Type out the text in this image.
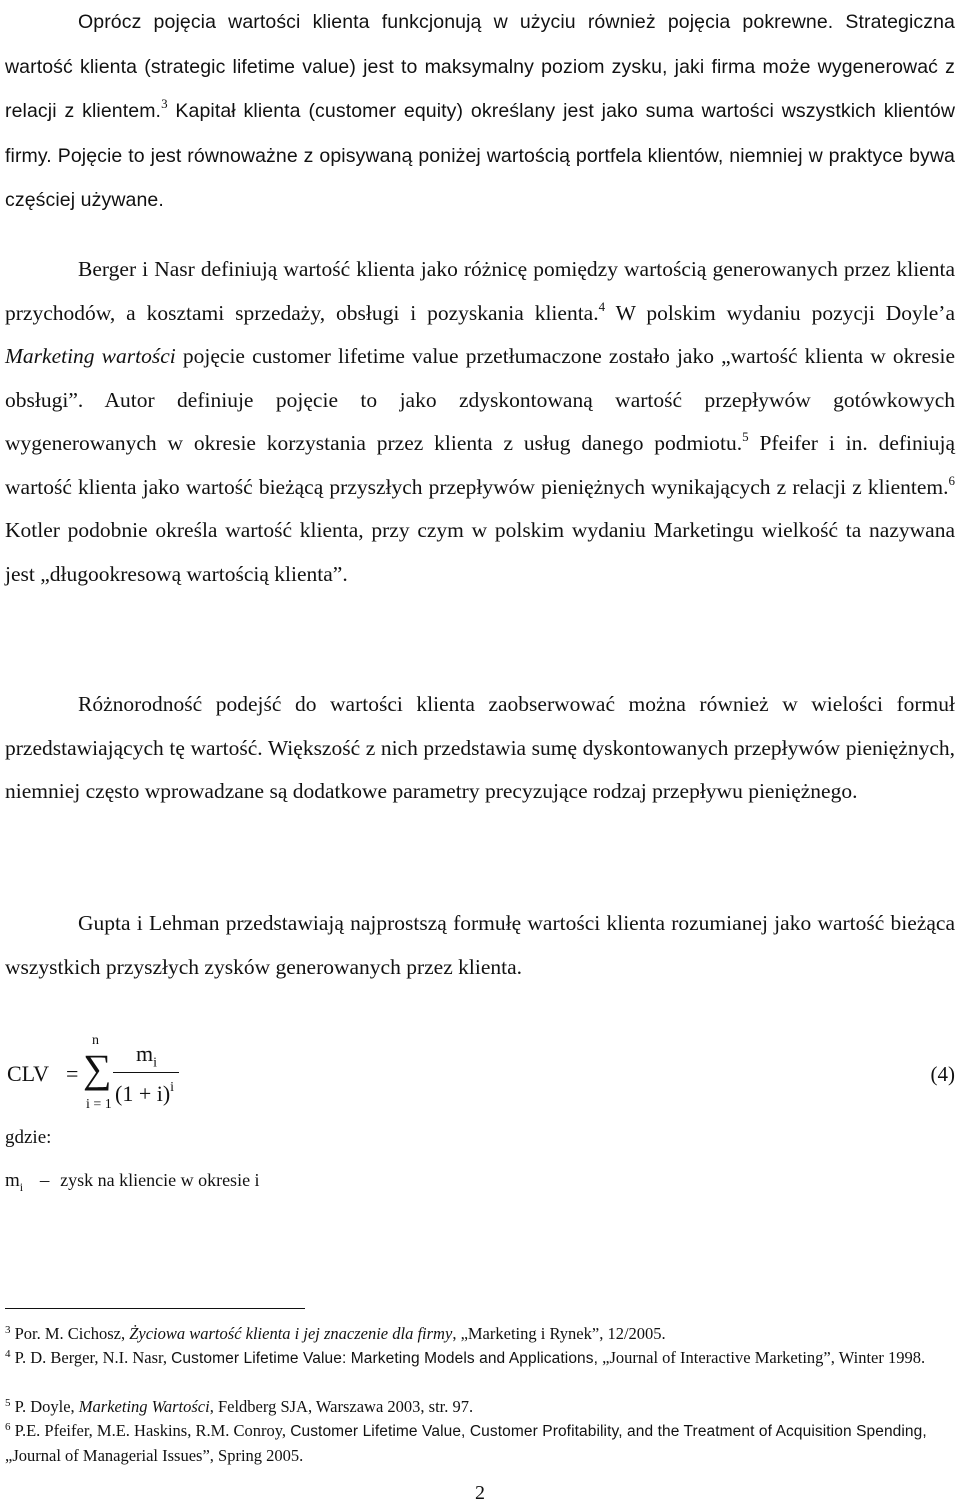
Oprócz pojęcia wartości klienta funkcjonują w użyciu również pojęcia pokrewne. Strategiczna wartość klienta (strategic lifetime value) jest to maksymalny poziom zysku, jaki firma może wygenerować z relacji z klientem.$^3$ Kapitał klienta (customer equity) określany jest jako suma wartości wszystkich klientów firmy. Pojęcie to jest równoważne z opisywaną poniżej wartością portfela klientów, niemniej w praktyce bywa częściej używane.

Berger i Nasr definiują wartość klienta jako różnicę pomiędzy wartością generowanych przez klienta przychodów, a kosztami sprzedaży, obsługi i pozyskania klienta.$^4$ W polskim wydaniu pozycji Doyle’a Marketing wartości pojęcie customer lifetime value przetłumaczone zostało jako „wartość klienta w okresie obsługi”. Autor definiuje pojęcie to jako zdyskontowaną wartość przepływów gotówkowych wygenerowanych w okresie korzystania przez klienta z usług danego podmiotu.$^5$ Pfeifer i in. definiują wartość klienta jako wartość bieżącą przyszłych przepływów pieniężnych wynikających z relacji z klientem.$^6$ Kotler podobnie określa wartość klienta, przy czym w polskim wydaniu Marketingu wielkość ta nazywana jest „długookresową wartością klienta”.

Różnorodność podejść do wartości klienta zaobserwować można również w wielości formuł przedstawiających tę wartość. Większość z nich przedstawia sumę dyskontowanych przepływów pieniężnych, niemniej często wprowadzane są dodatkowe parametry precyzujące rodzaj przepływu pieniężnego.

Gupta i Lehman przedstawiają najprostszą formułę wartości klienta rozumianej jako wartość bieżąca wszystkich przyszłych zysków generowanych przez klienta.

CLV =
n
∑
i = 1
$m_i$
$(1 + i)^i$
(4)
gdzie:
$m_i$ – zysk na kliencie w okresie i

$^3$ Por. M. Cichosz, Życiowa wartość klienta i jej znaczenie dla firmy, „Marketing i Rynek”, 12/2005.

$^4$ P. D. Berger, N.I. Nasr, Customer Lifetime Value: Marketing Models and Applications, „Journal of Interactive Marketing”, Winter 1998.

$^5$ P. Doyle, Marketing Wartości, Feldberg SJA, Warszawa 2003, str. 97.

$^6$ P.E. Pfeifer, M.E. Haskins, R.M. Conroy, Customer Lifetime Value, Customer Profitability, and the Treatment of Acquisition Spending, „Journal of Managerial Issues”, Spring 2005.

2
